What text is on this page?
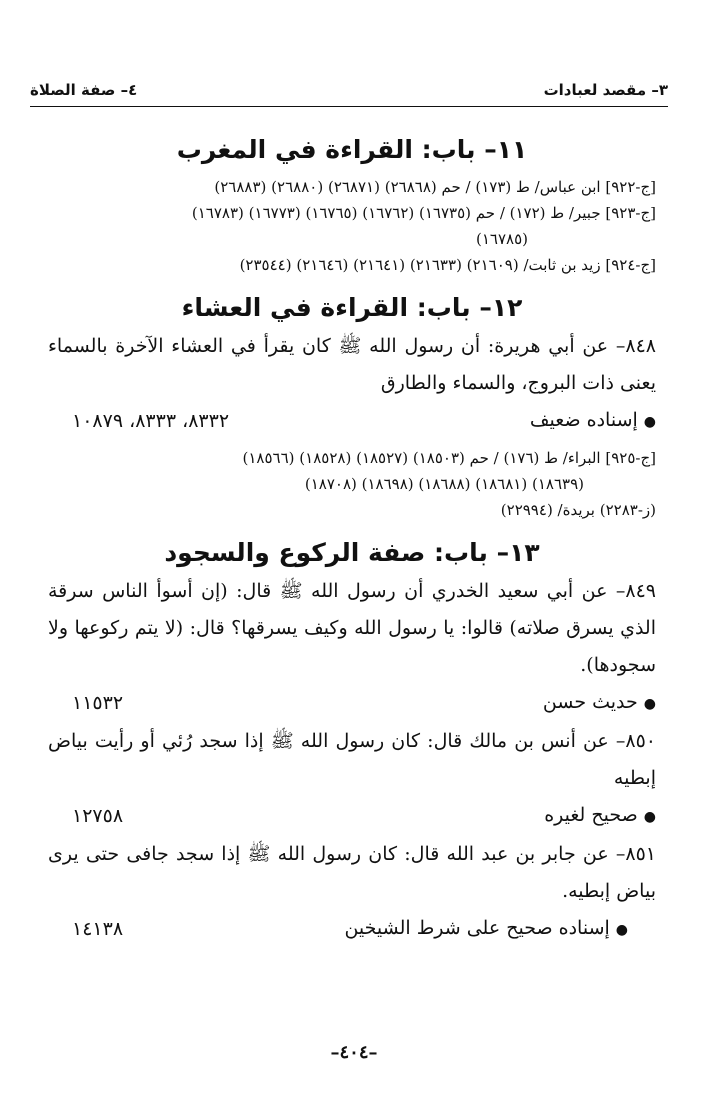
٣– مقصد لعبادات
٤– صفة الصلاة
١١– باب: القراءة في المغرب

[ج-٩٢٢] ابن عباس/ ط (١٧٣) / حم (٢٦٨٦٨) (٢٦٨٧١) (٢٦٨٨٠) (٢٦٨٨٣)

[ج-٩٢٣] جبير/ ط (١٧٢) / حم (١٦٧٣٥) (١٦٧٦٢) (١٦٧٦٥) (١٦٧٧٣) (١٦٧٨٣)

(١٦٧٨٥)

[ج-٩٢٤] زيد بن ثابت/ (٢١٦٠٩) (٢١٦٣٣) (٢١٦٤١) (٢١٦٤٦) (٢٣٥٤٤)

١٢– باب: القراءة في العشاء

٨٤٨– عن أبي هريرة: أن رسول الله ﷺ كان يقرأ في العشاء الآخرة بالسماء يعنى ذات البروج، والسماء والطارق

●إسناده ضعيف
٨٣٣٢، ٨٣٣٣، ١٠٨٧٩

[ج-٩٢٥] البراء/ ط (١٧٦) / حم (١٨٥٠٣) (١٨٥٢٧) (١٨٥٢٨) (١٨٥٦٦)

(١٨٦٣٩) (١٨٦٨١) (١٨٦٨٨) (١٨٦٩٨) (١٨٧٠٨)

(ز-٢٢٨٣) بريدة/ (٢٢٩٩٤)

١٣– باب: صفة الركوع والسجود

٨٤٩– عن أبي سعيد الخدري أن رسول الله ﷺ قال: (إن أسوأ الناس سرقة الذي يسرق صلاته) قالوا: يا رسول الله وكيف يسرقها؟ قال: (لا يتم ركوعها ولا سجودها).

●حديث حسن
١١٥٣٢

٨٥٠– عن أنس بن مالك قال: كان رسول الله ﷺ إذا سجد رُئي أو رأيت بياض إبطيه

●صحيح لغيره
١٢٧٥٨

٨٥١– عن جابر بن عبد الله قال: كان رسول الله ﷺ إذا سجد جافى حتى يرى بياض إبطيه.

●إسناده صحيح على شرط الشيخين
١٤١٣٨
–٤٠٤–
